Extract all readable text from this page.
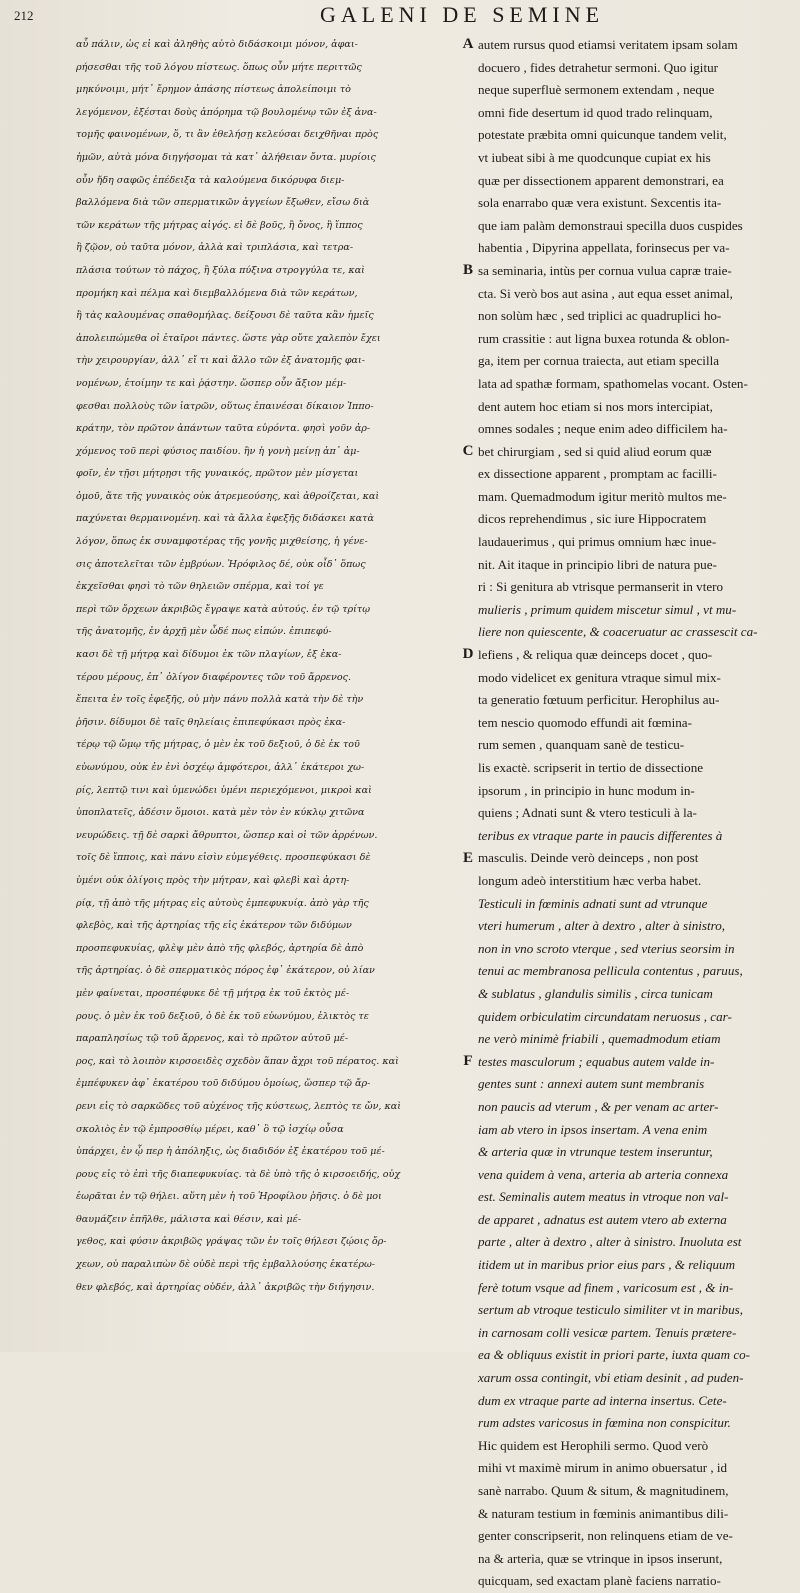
212	GALENI DE SEMINE
αὖ πάλιν, ὡς εἰ καὶ ἀληθὴς αὐτὸ διδάσκοιμι μόνον, ἀφαι-
ρήσεσθαι τῆς τοῦ λόγου πίστεως. ὅπως οὖν μήτε περιττῶς
μηκύνοιμι, μήτ᾽ ἔρημον ἁπάσης πίστεως ἀπολείποιμι τὸ
λεγόμενον, ἐξέσται δοὺς ἀπόρημα τῷ βουλομένῳ τῶν ἐξ ἀνα-
τομῆς φαινομένων, ὅ, τι ἂν ἐθελήσῃ κελεύσαι δειχθῆναι πρὸς
ἡμῶν, αὐτὰ μόνα διηγήσομαι τὰ κατ᾽ ἀλήθειαν ὄντα. μυρίοις
οὖν ἤδη σαφῶς ἐπέδειξα τὰ καλούμενα δικόρυφα διεμ-
βαλλόμενα διὰ τῶν σπερματικῶν ἀγγείων ἔξωθεν, εἴσω διὰ
τῶν κεράτων τῆς μήτρας αἰγός. εἰ δὲ βοῦς, ἢ ὄνος, ἢ ἵππος
ἢ ζῷον, οὐ ταῦτα μόνον, ἀλλὰ καὶ τριπλάσια, καὶ τετρα-
πλάσια τούτων τὸ πάχος, ἢ ξύλα πύξινα στρογγύλα τε, καὶ
προμήκη καὶ πέλμα καὶ διεμβαλλόμενα διὰ τῶν κεράτων,
ἢ τὰς καλουμένας σπαθομήλας. δείξουσι δὲ ταῦτα κἂν ἡμεῖς
ἀπολειπώμεθα οἱ ἑταῖροι πάντες. ὥστε γὰρ οὔτε χαλεπὸν ἔχει
τὴν χειρουργίαν, ἀλλ᾽ εἴ τι καὶ ἄλλο τῶν ἐξ ἀνατομῆς φαι-
νομένων, ἑτοίμην τε καὶ ῥᾴστην. ὥσπερ οὖν ἄξιον μέμ-
φεσθαι πολλοὺς τῶν ἰατρῶν, οὕτως ἐπαινέσαι δίκαιον Ἱππο-
κράτην, τὸν πρῶτον ἀπάντων ταῦτα εὑρόντα. φησὶ γοῦν ἀρ-
χόμενος τοῦ περὶ φύσιος παιδίου. ἢν ἡ γονὴ μείνῃ ἀπ᾽ ἀμ-
φοῖν, ἐν τῇσι μήτρῃσι τῆς γυναικός, πρῶτον μὲν μίσγεται
ὁμοῦ, ἅτε τῆς γυναικὸς οὐκ ἀτρεμεούσης, καὶ ἀθροίζεται, καὶ
παχύνεται θερμαινομένη. καὶ τὰ ἄλλα ἐφεξῆς διδάσκει κατὰ
λόγον, ὅπως ἐκ συναμφοτέρας τῆς γονῆς μιχθείσης, ἡ γένε-
σις ἀποτελεῖται τῶν ἐμβρύων. Ἡρόφιλος δέ, οὐκ οἶδ᾽ ὅπως
ἐκχεῖσθαι φησὶ τὸ τῶν θηλειῶν σπέρμα, καὶ τοί γε
περὶ τῶν ὄρχεων ἀκριβῶς ἔγραψε κατὰ αὐτούς. ἐν τῷ τρίτῳ
τῆς ἀνατομῆς, ἐν ἀρχῇ μὲν ὧδέ πως εἰπών. ἐπιπεφύ-
κασι δὲ τῇ μήτρᾳ καὶ δίδυμοι ἐκ τῶν πλαγίων, ἐξ ἑκα-
τέρου μέρους, ἐπ᾽ ὀλίγον διαφέροντες τῶν τοῦ ἄρρενος.
ἔπειτα ἐν τοῖς ἐφεξῆς, οὐ μὴν πάνυ πολλὰ κατὰ τὴν δὲ τὴν
ῥῆσιν. δίδυμοι δὲ ταῖς θηλείαις ἐπιπεφύκασι πρὸς ἑκα-
τέρῳ τῷ ὤμῳ τῆς μήτρας, ὁ μὲν ἐκ τοῦ δεξιοῦ, ὁ δὲ ἐκ τοῦ
εὐωνύμου, οὐκ ἐν ἑνὶ ὀσχέῳ ἀμφότεροι, ἀλλ᾽ ἑκάτεροι χω-
ρίς, λεπτῷ τινι καὶ ὑμενώδει ὑμένι περιεχόμενοι, μικροὶ καὶ
ὑποπλατεῖς, ἀδέσιν ὅμοιοι. κατὰ μὲν τὸν ἐν κύκλῳ χιτῶνα
νευρώδεις. τῇ δὲ σαρκὶ ἄθρυπτοι, ὥσπερ καὶ οἱ τῶν ἀρρένων.
τοῖς δὲ ἵπποις, καὶ πάνυ εἰσὶν εὐμεγέθεις. προσπεφύκασι δὲ
ὑμένι οὐκ ὀλίγοις πρὸς τὴν μήτραν, καὶ φλεβὶ καὶ ἀρτη-
ρίᾳ, τῇ ἀπὸ τῆς μήτρας εἰς αὐτοὺς ἐμπεφυκυίᾳ. ἀπὸ γὰρ τῆς
φλεβὸς, καὶ τῆς ἀρτηρίας τῆς εἰς ἑκάτερον τῶν διδύμων
προσπεφυκυίας, φλὲψ μὲν ἀπὸ τῆς φλεβός, ἀρτηρία δὲ ἀπὸ
τῆς ἀρτηρίας. ὁ δὲ σπερματικὸς πόρος ἐφ᾽ ἑκάτερον, οὐ λίαν
μὲν φαίνεται, προσπέφυκε δὲ τῇ μήτρᾳ ἐκ τοῦ ἐκτὸς μέ-
ρους. ὁ μὲν ἐκ τοῦ δεξιοῦ, ὁ δὲ ἐκ τοῦ εὐωνύμου, ἑλικτὸς τε
παραπλησίως τῷ τοῦ ἄρρενος, καὶ τὸ πρῶτον αὐτοῦ μέ-
ρος, καὶ τὸ λοιπὸν κιρσοειδὲς σχεδὸν ἅπαν ἄχρι τοῦ πέρατος. καὶ
ἐμπέφυκεν ἀφ᾽ ἑκατέρου τοῦ διδύμου ὁμοίως, ὥσπερ τῷ ἄρ-
ρενι εἰς τὸ σαρκῶδες τοῦ αὐχένος τῆς κύστεως, λεπτὸς τε ὤν, καὶ
σκολιὸς ἐν τῷ ἐμπροσθίῳ μέρει, καθ᾽ ὃ τῷ ἰσχίῳ οὖσα
ὑπάρχει, ἐν ᾧ περ ἡ ἀπόληξις, ὡς διαδιδόν ἐξ ἑκατέρου τοῦ μέ-
ρους εἰς τὸ ἐπὶ τῆς διαπεφυκυίας. τὰ δὲ ὑπὸ τῆς ὁ κιρσοειδής, οὐχ
ἑωρᾶται ἐν τῷ θήλει. αὕτη μὲν ἡ τοῦ Ἡροφίλου ῥῆσις. ὁ δὲ μοι
θαυμάζειν ἐπῆλθε, μάλιστα καὶ θέσιν, καὶ μέ-
γεθος, καὶ φύσιν ἀκριβῶς γράψας τῶν ἐν τοῖς θήλεσι ζῴοις ὄρ-
χεων, οὐ παραλιπὼν δὲ οὐδὲ περὶ τῆς ἐμβαλλούσης ἑκατέρω-
θεν φλεβός, καὶ ἀρτηρίας οὐδέν, ἀλλ᾽ ἀκριβῶς τὴν διήγησιν.
A
B
C
D
E
F
autem rursus quod etiamsi veritatem ipsam solam
docuero , fides detrahetur sermoni. Quo igitur
neque superfluè sermonem extendam , neque
omni fide desertum id quod trado relinquam,
potestate præbita omni quicunque tandem velit,
vt iubeat sibi à me quodcunque cupiat ex his
quæ per dissectionem apparent demonstrari, ea
sola enarrabo quæ vera existunt. Sexcentis ita-
que iam palàm demonstraui specilla duos cuspides
habentia , Dipyrina appellata, forinsecus per va-
sa seminaria, intùs per cornua vulua capræ traie-
cta. Si verò bos aut asina , aut equa esset animal,
non solùm hæc , sed triplici ac quadruplici ho-
rum crassitie : aut ligna buxea rotunda & oblon-
ga, item per cornua traiecta, aut etiam specilla
lata ad spathæ formam, spathomelas vocant. Osten-
dent autem hoc etiam si nos mors intercipiat,
omnes sodales ; neque enim adeo difficilem ha-
bet chirurgiam , sed si quid aliud eorum quæ
ex dissectione apparent , promptam ac facilli-
mam. Quemadmodum igitur meritò multos me-
dicos reprehendimus , sic iure Hippocratem
laudauerimus , qui primus omnium hæc inue-
nit. Ait itaque in principio libri de natura pue-
ri : Si genitura ab vtrisque permanserit in vtero
mulieris , primum quidem miscetur simul , vt mu-
liere non quiescente, & coaceruatur ac crassescit ca-
lefiens , & reliqua quæ deinceps docet , quo-
modo videlicet ex genitura vtraque simul mix-
ta generatio fœtuum perficitur. Herophilus au-
tem nescio quomodo effundi ait fœmina-
rum semen , quanquam sanè de testicu-
lis exactè. scripserit in tertio de dissectione
ipsorum , in principio in hunc modum in-
quiens ; Adnati sunt & vtero testiculi à la-
teribus ex vtraque parte in paucis differentes à
masculis. Deinde verò deinceps , non post
longum adeò interstitium hæc verba habet.
Testiculi in fœminis adnati sunt ad vtrunque
vteri humerum , alter à dextro , alter à sinistro,
non in vno scroto vterque , sed vterius seorsim in
tenui ac membranosa pellicula contentus , paruus,
& sublatus , glandulis similis , circa tunicam
quidem orbiculatim circundatam neruosus , car-
ne verò minimè friabili , quemadmodum etiam
testes masculorum ; equabus autem valde in-
gentes sunt : annexi autem sunt membranis
non paucis ad vterum , & per venam ac arter-
iam ab vtero in ipsos insertam. A vena enim
& arteria quæ in vtrunque testem inseruntur,
vena quidem à vena, arteria ab arteria connexa
est. Seminalis autem meatus in vtroque non val-
de apparet , adnatus est autem vtero ab externa
parte , alter à dextro , alter à sinistro. Inuoluta est
itidem ut in maribus prior eius pars , & reliquum
ferè totum vsque ad finem , varicosum est , & in-
sertum ab vtroque testiculo similiter vt in maribus,
in carnosam colli vesicæ partem. Tenuis prætere-
ea & obliquus existit in priori parte, iuxta quam co-
xarum ossa contingit, vbi etiam desinit , ad puden-
dum ex vtraque parte ad interna insertus. Cete-
rum adstes varicosus in fœmina non conspicitur.
Hic quidem est Herophili sermo. Quod verò
mihi vt maximè mirum in animo obuersatur , id
sanè narrabo. Quum & situm, & magnitudinem,
& naturam testium in fœminis animantibus dili-
genter conscripserit, non relinquens etiam de ve-
na & arteria, quæ se vtrinque in ipsos inserunt,
quicquam, sed exactam planè faciens narratio-
